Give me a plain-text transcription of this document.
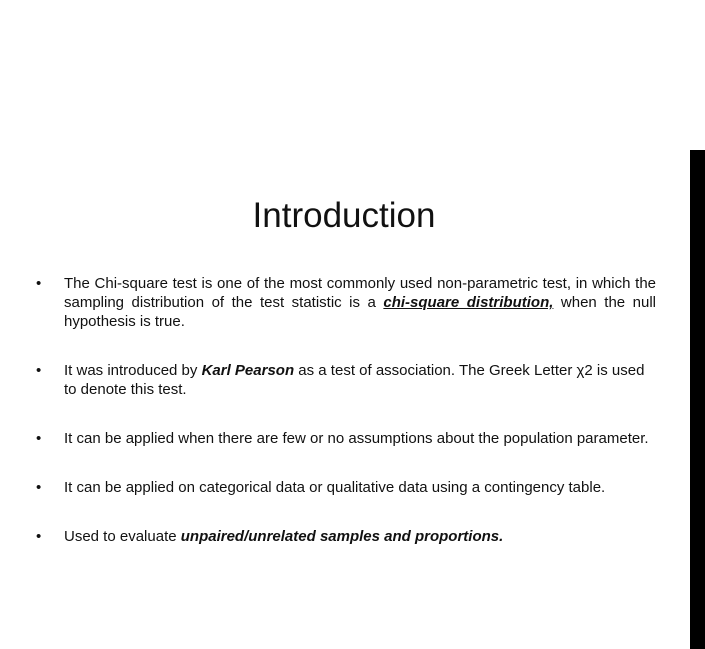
Introduction
•	The Chi-square test is one of the most commonly used non-parametric test, in which the sampling distribution of the test statistic is a chi-square distribution, when the null hypothesis is true.
•	It was introduced by Karl Pearson as a test of association. The Greek Letter χ2 is used to denote this test.
•	It can be applied when there are few or no assumptions about the population parameter.
•	It can be applied on categorical data or qualitative data using a contingency table.
•	Used to evaluate unpaired/unrelated samples and proportions.
